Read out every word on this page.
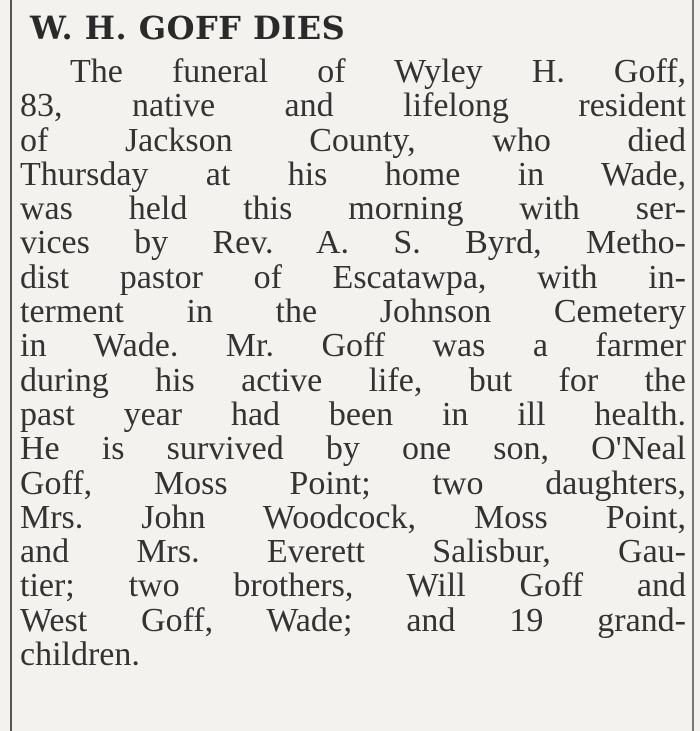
W. H. GOFF DIES
The funeral of Wyley H. Goff,
83, native and lifelong resident
of Jackson County, who died
Thursday at his home in Wade,
was held this morning with ser-
vices by Rev. A. S. Byrd, Metho-
dist pastor of Escatawpa, with in-
terment in the Johnson Cemetery
in Wade. Mr. Goff was a farmer
during his active life, but for the
past year had been in ill health.
He is survived by one son, O'Neal
Goff, Moss Point; two daughters,
Mrs. John Woodcock, Moss Point,
and Mrs. Everett Salisbur, Gau-
tier; two brothers, Will Goff and
West Goff, Wade; and 19 grand-
children.
